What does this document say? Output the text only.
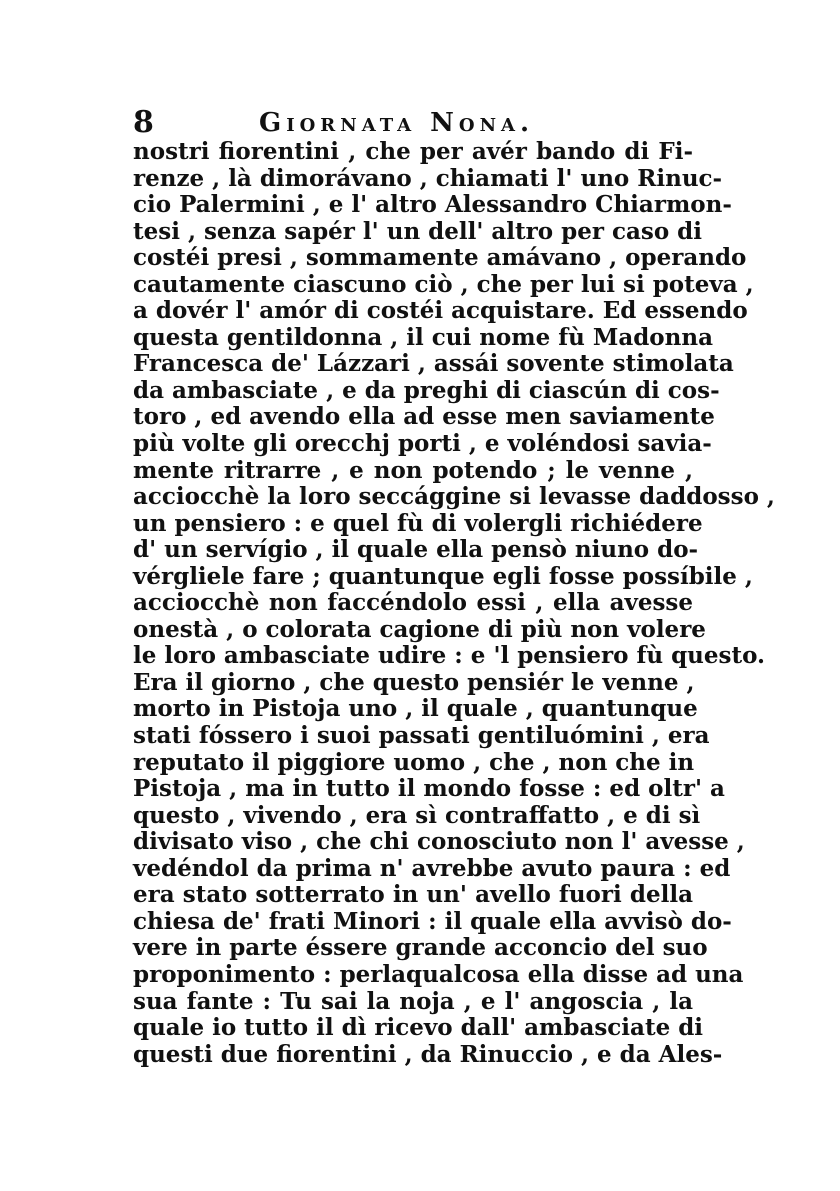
8	Giornata Nona.
nostri fiorentini , che per avér bando di Fi-
renze , là dimorávano , chiamati l' uno Rinuc-
cio Palermini , e l' altro Alessandro Chiarmon-
tesi , senza sapér l' un dell' altro per caso di
costéi presi , sommamente amávano , operando
cautamente ciascuno ciò , che per lui si poteva ,
a dovér l' amór di costéi acquistare. Ed essendo
questa gentildonna , il cui nome fù Madonna
Francesca de' Lázzari , assái sovente stimolata
da ambasciate , e da preghi di ciascún di cos-
toro , ed avendo ella ad esse men saviamente
più volte gli orecchj porti , e voléndosi savia-
mente ritrarre , e non potendo ; le venne ,
acciocchè la loro seccággine si levasse daddosso ,
un pensiero : e quel fù di volergli richiédere
d' un servígio , il quale ella pensò niuno do-
vérgliele fare ; quantunque egli fosse possíbile ,
acciocchè non faccéndolo essi , ella avesse
onestà , o colorata cagione di più non volere
le loro ambasciate udire : e 'l pensiero fù questo.
Era il giorno , che questo pensiér le venne ,
morto in Pistoja uno , il quale , quantunque
stati fóssero i suoi passati gentiluómini , era
reputato il piggiore uomo , che , non che in
Pistoja , ma in tutto il mondo fosse : ed oltr' a
questo , vivendo , era sì contraffatto , e di sì
divisato viso , che chi conosciuto non l' avesse ,
vedéndol da prima n' avrebbe avuto paura : ed
era stato sotterrato in un' avello fuori della
chiesa de' frati Minori : il quale ella avvisò do-
vere in parte éssere grande acconcio del suo
proponimento : perlaqualcosa ella disse ad una
sua fante : Tu sai la noja , e l' angoscia , la
quale io tutto il dì ricevo dall' ambasciate di
questi due fiorentini , da Rinuccio , e da Ales-
